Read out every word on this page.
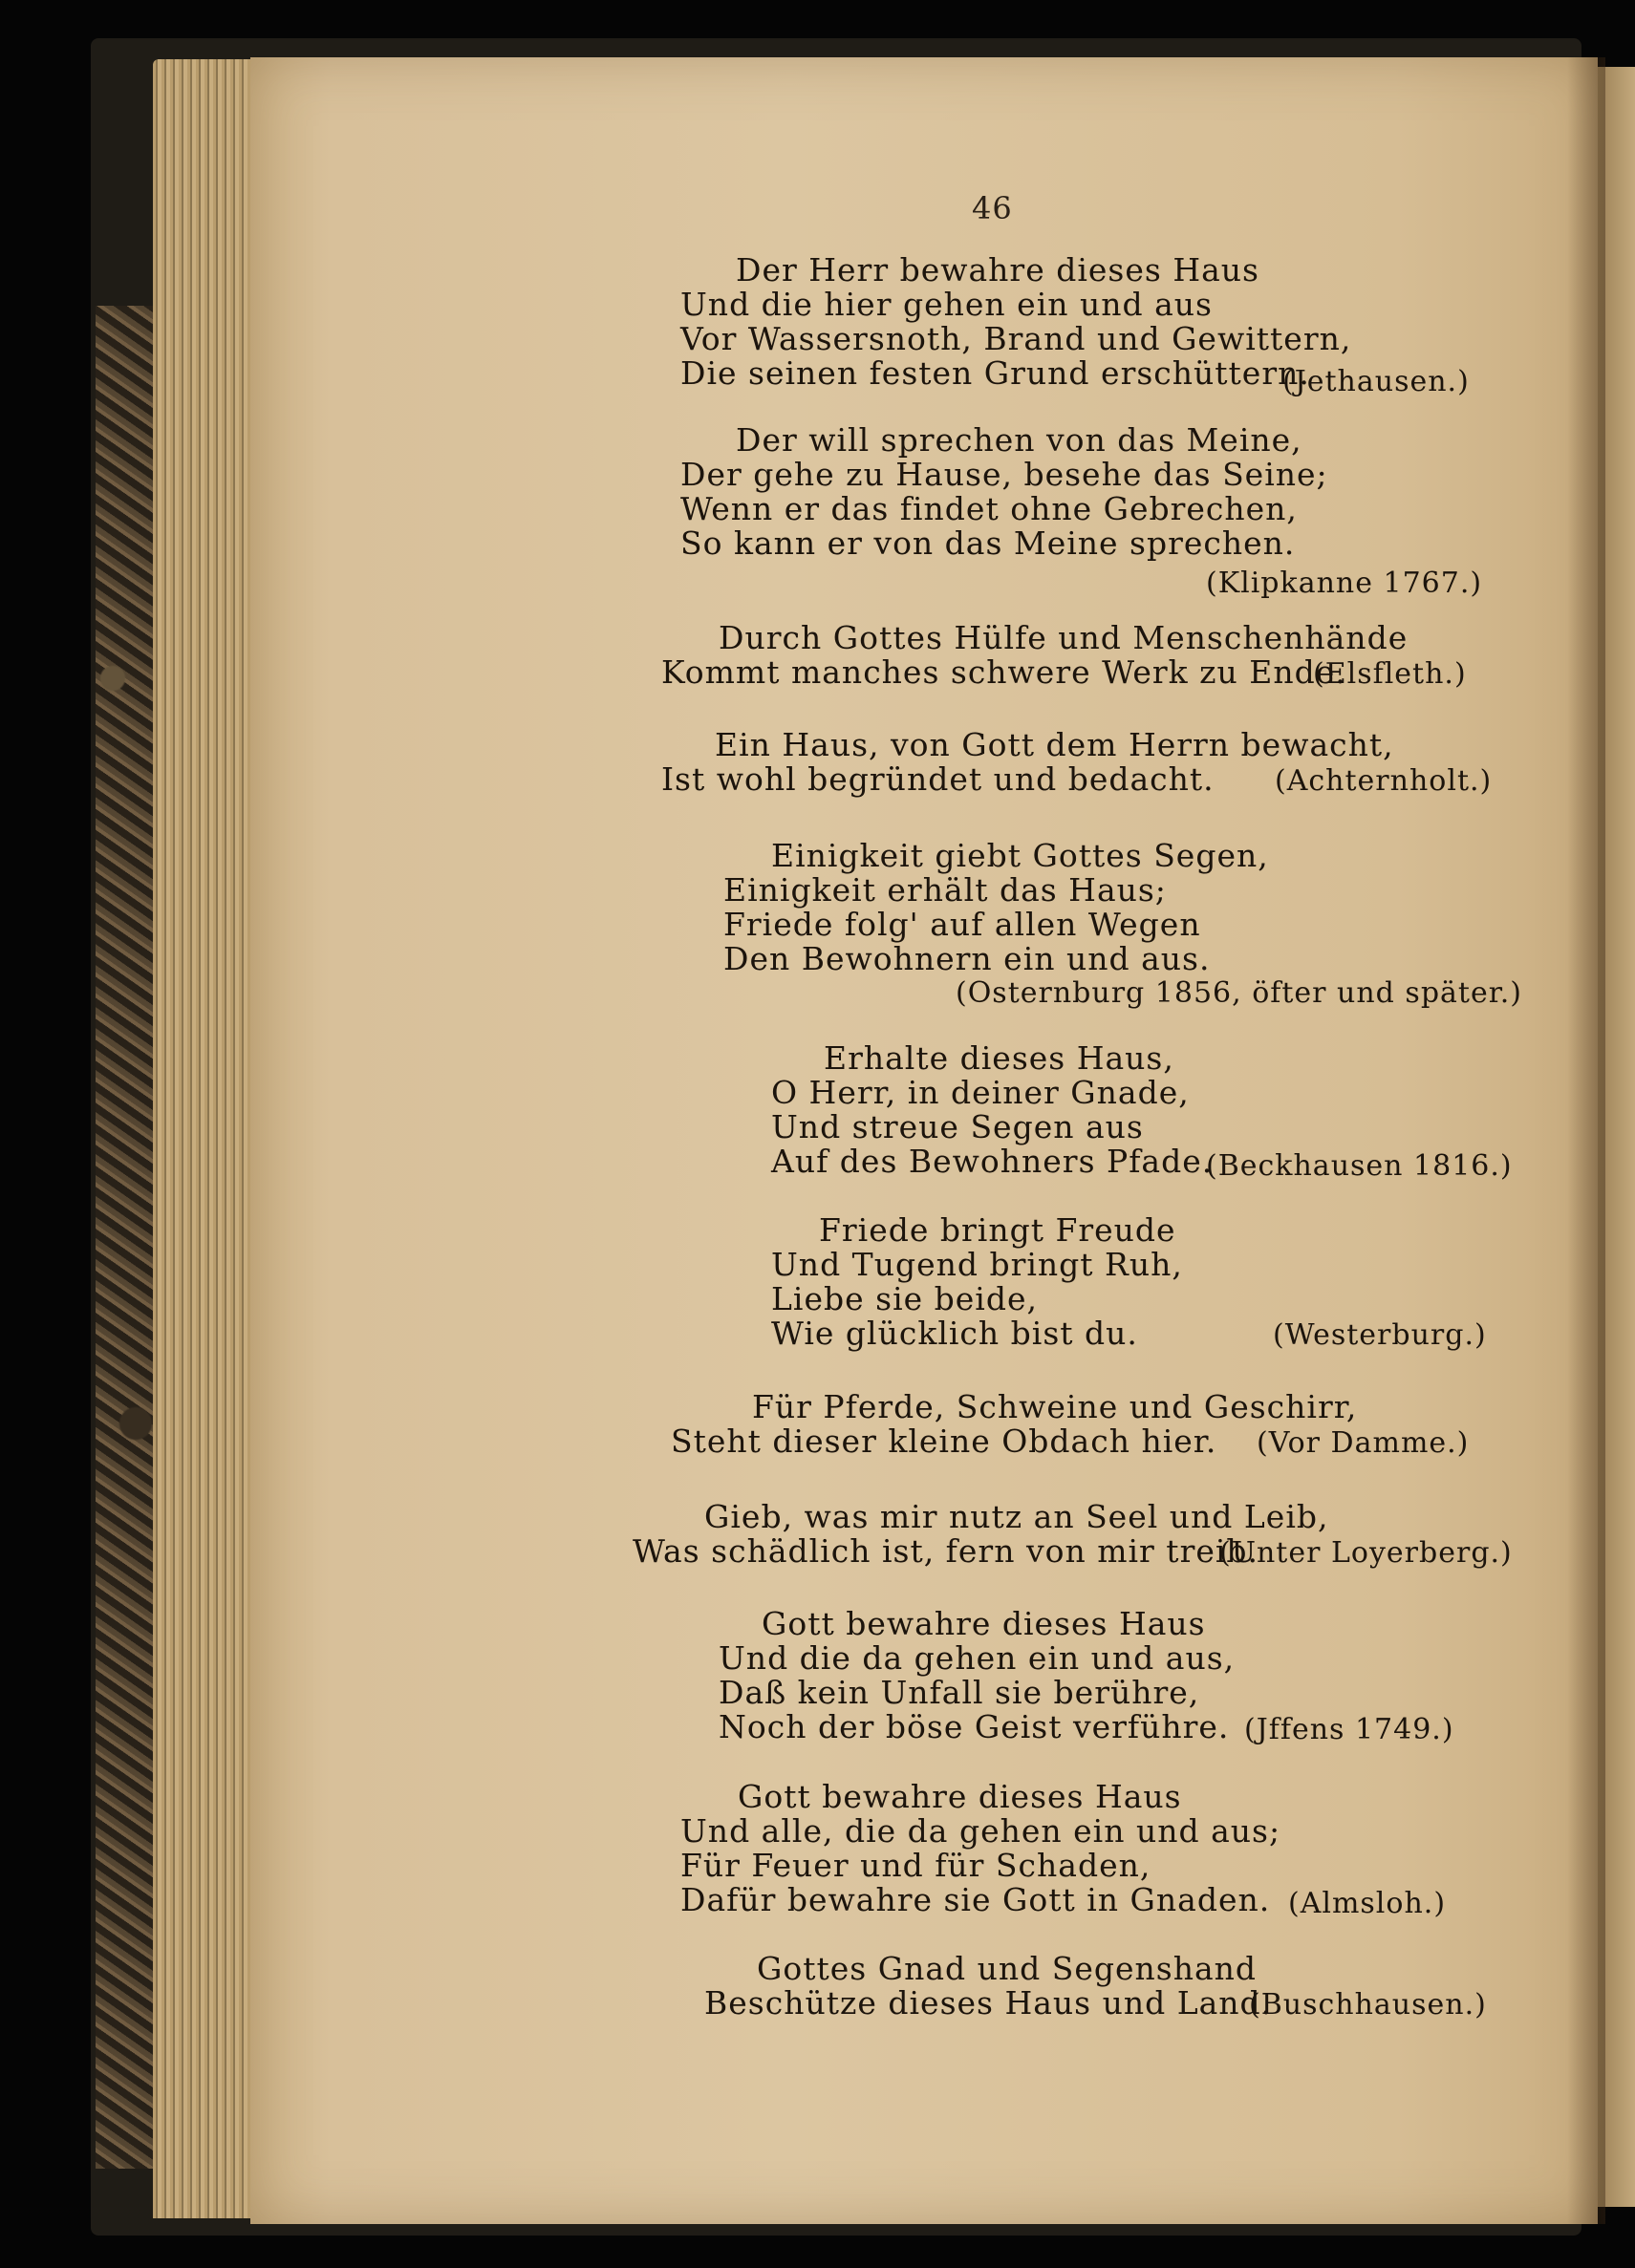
46
Der Herr bewahre dieses Haus
Und die hier gehen ein und aus
Vor Wassersnoth, Brand und Gewittern,
Die seinen festen Grund erschüttern.
(Jethausen.)
Der will sprechen von das Meine,
Der gehe zu Hause, besehe das Seine;
Wenn er das findet ohne Gebrechen,
So kann er von das Meine sprechen.
(Klipkanne 1767.)
Durch Gottes Hülfe und Menschenhände
Kommt manches schwere Werk zu Ende.
(Elsfleth.)
Ein Haus, von Gott dem Herrn bewacht,
Ist wohl begründet und bedacht. (Achternholt.)
Einigkeit giebt Gottes Segen,
Einigkeit erhält das Haus;
Friede folg' auf allen Wegen
Den Bewohnern ein und aus.
(Osternburg 1856, öfter und später.)
Erhalte dieses Haus,
O Herr, in deiner Gnade,
Und streue Segen aus
Auf des Bewohners Pfade.
(Beckhausen 1816.)
Friede bringt Freude
Und Tugend bringt Ruh,
Liebe sie beide,
Wie glücklich bist du.	(Westerburg.)
Für Pferde, Schweine und Geschirr,
Steht dieser kleine Obdach hier. (Vor Damme.)
Gieb, was mir nutz an Seel und Leib,
Was schädlich ist, fern von mir treib.
(Unter Loyerberg.)
Gott bewahre dieses Haus
Und die da gehen ein und aus,
Daß kein Unfall sie berühre,
Noch der böse Geist verführe. (Jffens 1749.)
Gott bewahre dieses Haus
Und alle, die da gehen ein und aus;
Für Feuer und für Schaden,
Dafür bewahre sie Gott in Gnaden. (Almsloh.)
Gottes Gnad und Segenshand
Beschütze dieses Haus und Land.
(Buschhausen.)
